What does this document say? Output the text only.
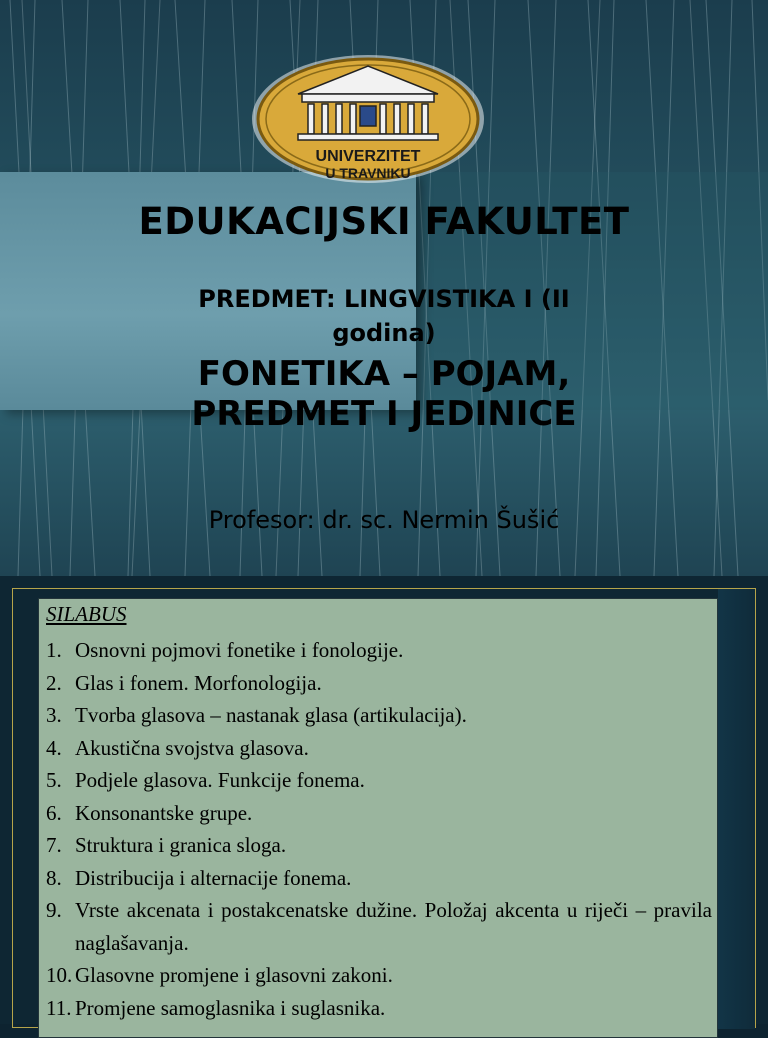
UNIVERZITET
U TRAVNIKU
EDUKACIJSKI FAKULTET
PREDMET: LINGVISTIKA I (II
godina)
FONETIKA – POJAM,
PREDMET I JEDINICE
Profesor: dr. sc. Nermin Šušić
SILABUS
1. Osnovni pojmovi fonetike i fonologije.
2. Glas i fonem. Morfonologija.
3. Tvorba glasova – nastanak glasa (artikulacija).
4. Akustična svojstva glasova.
5. Podjele glasova. Funkcije fonema.
6. Konsonantske grupe.
7. Struktura i granica sloga.
8. Distribucija i alternacije fonema.
9. Vrste akcenata i postakcenatske dužine. Položaj akcenta u riječi – pravila naglašavanja.
10. Glasovne promjene i glasovni zakoni.
11. Promjene samoglasnika i suglasnika.
